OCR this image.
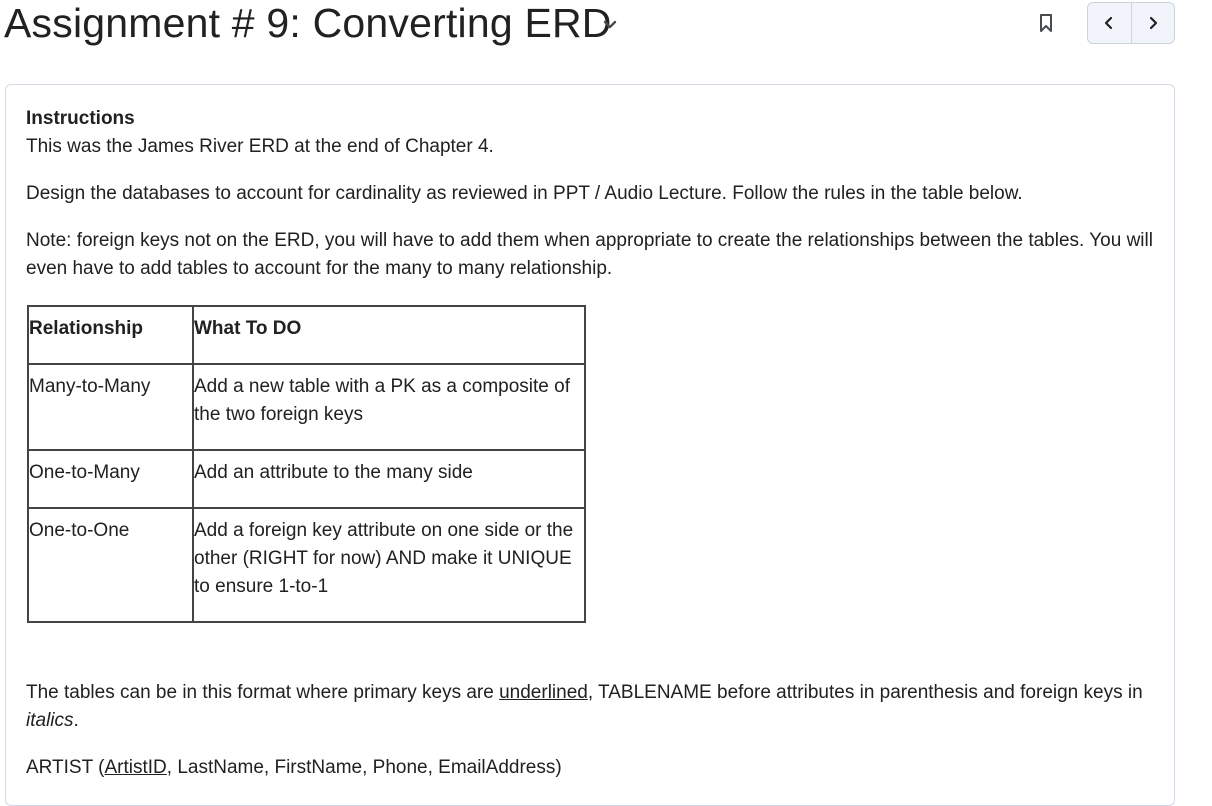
Assignment # 9: Converting ERD

Instructions

This was the James River ERD at the end of Chapter 4.

Design the databases to account for cardinality as reviewed in PPT / Audio Lecture. Follow the rules in the table below.

Note: foreign keys not on the ERD, you will have to add them when appropriate to create the relationships between the tables. You will even have to add tables to account for the many to many relationship.

Relationship	What To DO
Many-to-Many	Add a new table with a PK as a composite of the two foreign keys
One-to-Many	Add an attribute to the many side
One-to-One	Add a foreign key attribute on one side or the other (RIGHT for now) AND make it UNIQUE to ensure 1-to-1

The tables can be in this format where primary keys are underlined, TABLENAME before attributes in parenthesis and foreign keys in italics.

ARTIST (ArtistID, LastName, FirstName, Phone, EmailAddress)
